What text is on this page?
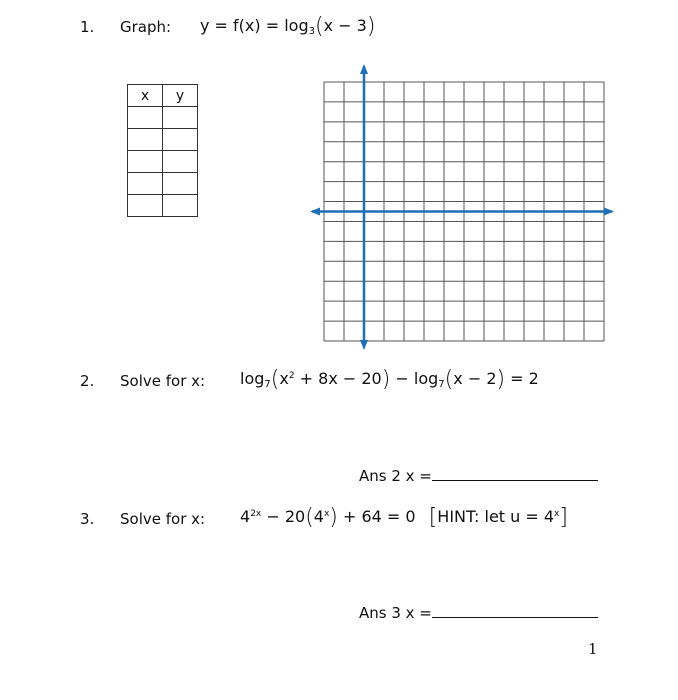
1. Graph: $y = f(x) = \log_3(x - 3)$
x	y

2. Solve for x: $\log_7(x^2 + 8x - 20) - \log_7(x - 2) = 2$
Ans 2 x =
3. Solve for x: $4^{2x} - 20(4^x) + 64 = 0$ [HINT: let $u = 4^x$]
Ans 3 x =
1
